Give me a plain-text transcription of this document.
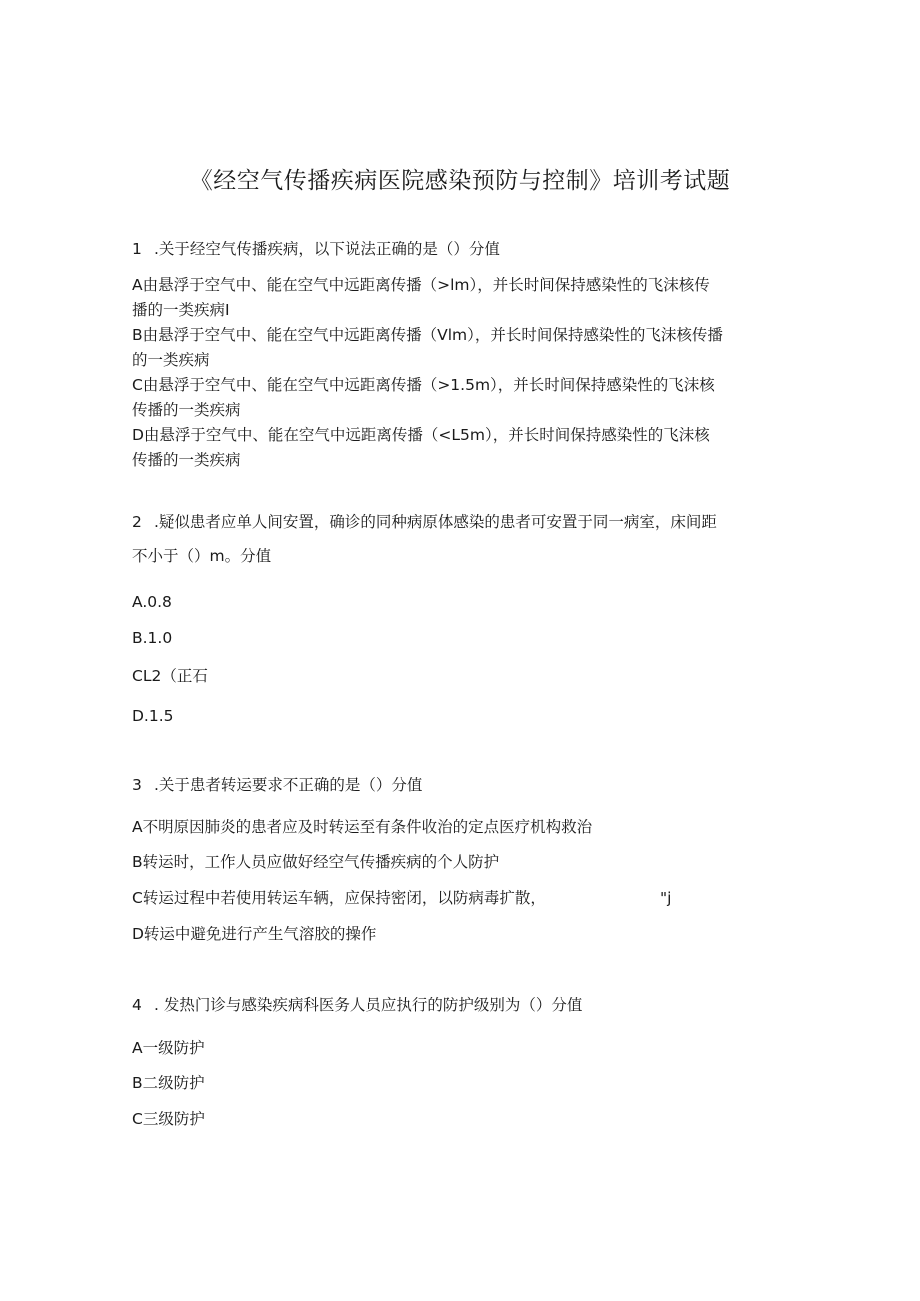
《经空气传播疾病医院感染预防与控制》培训考试题
1 .关于经空气传播疾病，以下说法正确的是（）分值
A由悬浮于空气中、能在空气中远距离传播（>lm），并长时间保持感染性的飞沫核传
播的一类疾病I
B由悬浮于空气中、能在空气中远距离传播（Vlm），并长时间保持感染性的飞沫核传播
的一类疾病
C由悬浮于空气中、能在空气中远距离传播（>1.5m），并长时间保持感染性的飞沫核
传播的一类疾病
D由悬浮于空气中、能在空气中远距离传播（<L5m），并长时间保持感染性的飞沫核
传播的一类疾病
2 .疑似患者应单人间安置，确诊的同种病原体感染的患者可安置于同一病室，床间距
不小于（）m。分值
A.0.8
B.1.0
CL2（正石
D.1.5
3 .关于患者转运要求不正确的是（）分值
A不明原因肺炎的患者应及时转运至有条件收治的定点医疗机构救治
B转运时，工作人员应做好经空气传播疾病的个人防护
C转运过程中若使用转运车辆，应保持密闭，以防病毒扩散，	"j
D转运中避免进行产生气溶胶的操作
4 . 发热门诊与感染疾病科医务人员应执行的防护级别为（）分值
A一级防护
B二级防护
C三级防护
